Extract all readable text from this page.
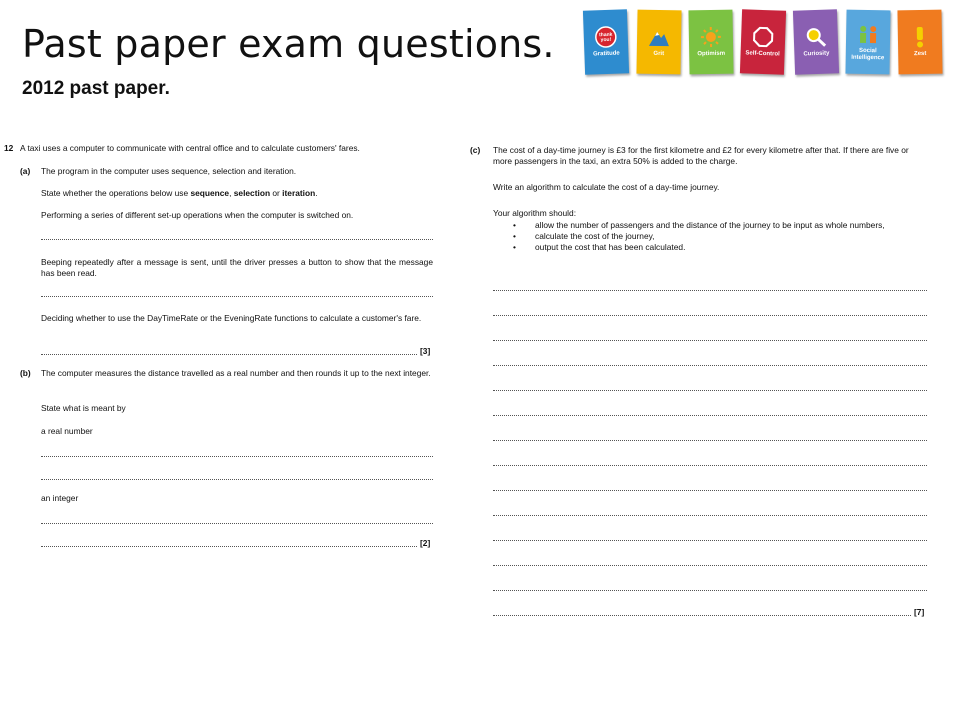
Past paper exam questions.

2012 past paper.

thank
you!
Gratitude	Grit	Optimism	Self-Control	Curiosity
Social Intelligence
Zest
12 A taxi uses a computer to communicate with central office and to calculate customers' fares.
(a) The program in the computer uses sequence, selection and iteration.
State whether the operations below use sequence, selection or iteration.
Performing a series of different set-up operations when the computer is switched on.
Beeping repeatedly after a message is sent, until the driver presses a button to show that the message has been read.
Deciding whether to use the DayTimeRate or the EveningRate functions to calculate a customer's fare.
[3]
(b) The computer measures the distance travelled as a real number and then rounds it up to the next integer.
State what is meant by
a real number
an integer
[2]
(c) The cost of a day-time journey is £3 for the first kilometre and £2 for every kilometre after that. If there are five or more passengers in the taxi, an extra 50% is added to the charge.
Write an algorithm to calculate the cost of a day-time journey.
Your algorithm should:
• allow the number of passengers and the distance of the journey to be input as whole numbers,
• calculate the cost of the journey,
• output the cost that has been calculated.
[7]
